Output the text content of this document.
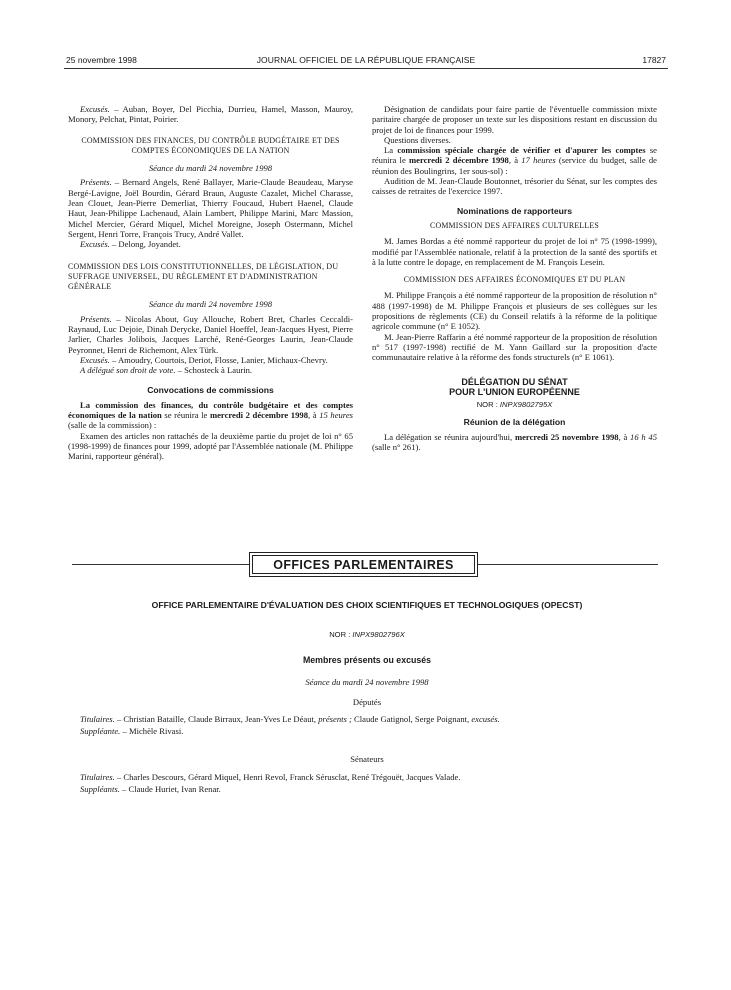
25 novembre 1998	JOURNAL OFFICIEL DE LA RÉPUBLIQUE FRANÇAISE	17827

Excusés. – Auban, Boyer, Del Picchia, Durrieu, Hamel, Masson, Mauroy, Monory, Pelchat, Pintat, Poirier.

COMMISSION DES FINANCES, DU CONTRÔLE BUDGÉTAIRE ET DES COMPTES ÉCONOMIQUES DE LA NATION

Séance du mardi 24 novembre 1998

Présents. – Bernard Angels, René Ballayer, Marie-Claude Beaudeau, Maryse Bergé-Lavigne, Joël Bourdin, Gérard Braun, Auguste Cazalet, Michel Charasse, Jean Clouet, Jean-Pierre Demerliat, Thierry Foucaud, Hubert Haenel, Claude Haut, Jean-Philippe Lachenaud, Alain Lambert, Philippe Marini, Marc Massion, Michel Mercier, Gérard Miquel, Michel Moreigne, Joseph Ostermann, Michel Sergent, Henri Torre, François Trucy, André Vallet.

Excusés. – Delong, Joyandet.

COMMISSION DES LOIS CONSTITUTIONNELLES, DE LÉGISLATION, DU SUFFRAGE UNIVERSEL, DU RÈGLEMENT ET D'ADMINISTRATION GÉNÉRALE

Séance du mardi 24 novembre 1998

Présents. – Nicolas About, Guy Allouche, Robert Bret, Charles Ceccaldi-Raynaud, Luc Dejoie, Dinah Derycke, Daniel Hoeffel, Jean-Jacques Hyest, Pierre Jarlier, Charles Jolibois, Jacques Larché, René-Georges Laurin, Jean-Claude Peyronnet, Henri de Richemont, Alex Türk.

Excusés. – Amoudry, Courtois, Deriot, Flosse, Lanier, Michaux-Chevry.

A délégué son droit de vote. – Schosteck à Laurin.

Convocations de commissions

La commission des finances, du contrôle budgétaire et des comptes économiques de la nation se réunira le mercredi 2 décembre 1998, à 15 heures (salle de la commission) :

Examen des articles non rattachés de la deuxième partie du projet de loi n° 65 (1998-1999) de finances pour 1999, adopté par l'Assemblée nationale (M. Philippe Marini, rapporteur général).

Désignation de candidats pour faire partie de l'éventuelle commission mixte paritaire chargée de proposer un texte sur les dispositions restant en discussion du projet de loi de finances pour 1999.

Questions diverses.

La commission spéciale chargée de vérifier et d'apurer les comptes se réunira le mercredi 2 décembre 1998, à 17 heures (service du budget, salle de réunion des Boulingrins, 1er sous-sol) :

Audition de M. Jean-Claude Boutonnet, trésorier du Sénat, sur les comptes des caisses de retraites de l'exercice 1997.

Nominations de rapporteurs

COMMISSION DES AFFAIRES CULTURELLES

M. James Bordas a été nommé rapporteur du projet de loi n° 75 (1998-1999), modifié par l'Assemblée nationale, relatif à la protection de la santé des sportifs et à la lutte contre le dopage, en remplacement de M. François Lesein.

COMMISSION DES AFFAIRES ÉCONOMIQUES ET DU PLAN

M. Philippe François a été nommé rapporteur de la proposition de résolution n° 488 (1997-1998) de M. Philippe François et plusieurs de ses collègues sur les propositions de règlements (CE) du Conseil relatifs à la réforme de la politique agricole commune (n° E 1052).

M. Jean-Pierre Raffarin a été nommé rapporteur de la proposition de résolution n° 517 (1997-1998) rectifié de M. Yann Gaillard sur la proposition d'acte communautaire relative à la réforme des fonds structurels (n° E 1061).

DÉLÉGATION DU SÉNAT
POUR L'UNION EUROPÉENNE

NOR : INPX9802795X

Réunion de la délégation

La délégation se réunira aujourd'hui, mercredi 25 novembre 1998, à 16 h 45 (salle n° 261).

OFFICES PARLEMENTAIRES
OFFICE PARLEMENTAIRE D'ÉVALUATION DES CHOIX SCIENTIFIQUES ET TECHNOLOGIQUES (OPECST)
NOR : INPX9802796X
Membres présents ou excusés
Séance du mardi 24 novembre 1998
Députés
Titulaires. – Christian Bataille, Claude Birraux, Jean-Yves Le Déaut, présents ; Claude Gatignol, Serge Poignant, excusés.
Suppléante. – Michèle Rivasi.
Sénateurs
Titulaires. – Charles Descours, Gérard Miquel, Henri Revol, Franck Sérusclat, René Trégouët, Jacques Valade.
Suppléants. – Claude Huriet, Ivan Renar.
